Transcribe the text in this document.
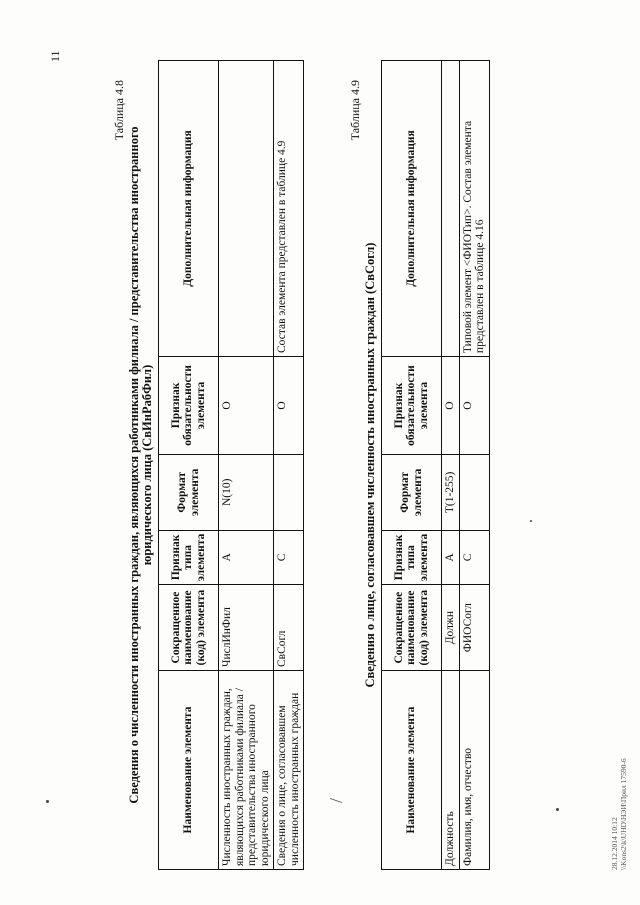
11
Таблица 4.8
Сведения о численности иностранных граждан, являющихся работниками филиала / представительства иностранного юридического лица (СвИнРабФил)
Наименование элемента	Сокращенное наименование (код) элемента	Признак типа элемента	Формат элемента	Признак обязательности элемента	Дополнительная информация
Численность иностранных граждан, являющихся работниками филиала / представительства иностранного юридического лица	ЧислИнФил	А	N(10)	О	
Сведения о лице, согласовавшем численность иностранных граждан	СвСогл	С		О	Состав элемента представлен в таблице 4.9
Таблица 4.9
Сведения о лице, согласовавшем численность иностранных граждан (СвСогл)
Наименование элемента	Сокращенное наименование (код) элемента	Признак типа элемента	Формат элемента	Признак обязательности элемента	Дополнительная информация
Должность	Должн	А	T(1-255)	О	
Фамилия, имя, отчество	ФИОСогл	С		О	Типовой элемент <ФИОТип>. Состав элемента представлен в таблице 4.16
/
28.12.2014 10:12 \\Kons2\k\UHD\НЭИ\Прил 17590-6
